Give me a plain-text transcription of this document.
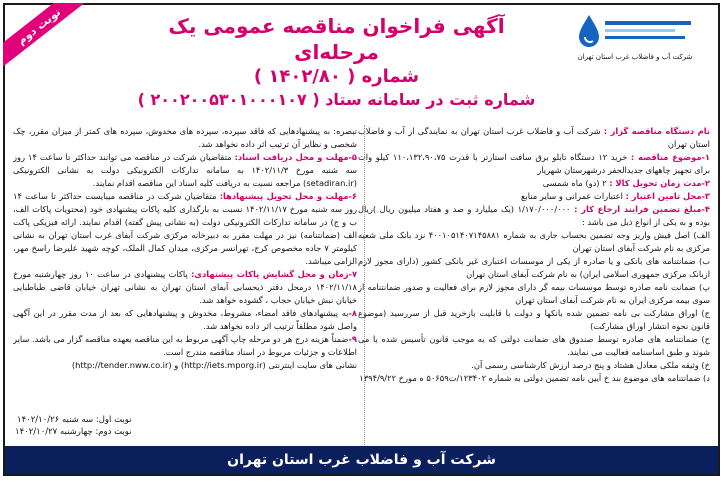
نوبت دوم
شرکت آب و فاضلاب غرب استان تهران
آگهی فراخوان مناقصه عمومی یک مرحله‌ای
شماره ( ۱۴۰۲/۸۰ )
شماره ثبت در سامانه ستاد ( ۲۰۰۲۰۰۵۳۰۱۰۰۰۱۰۷ )

نام دستگاه مناقصه گزار : شرکت آب و فاضلاب غرب استان تهران به نمایندگی از آب و فاضلاب استان تهران

۱-موضوع مناقصه : خرید ۱۲ دستگاه تابلو برق سافت استارتر با قدرت ۱۱۰،۱۳۲،۹۰،۷۵ کیلو وات برای تجهیز چاههای جدیدالحفر درشهرستان شهریار

۲-مدت زمان تحویل کالا : ۲ (دو) ماه شمسی

۳-محل تامین اعتبار : اعتبارات عمرانی و سایر منابع

۴-مبلغ تضمین فرایند ارجاع کار : ۱/۱۷۰/۰۰۰/۰۰۰ (یک میلیارد و صد و هفتاد میلیون ریال )ریال بوده و به یکی از انواع ذیل می باشد :

الف) اصل فیش واریز وجه تضمین بحساب جاری به شماره ۴۰۰۱۰۵۱۴۰۷۱۴۵۸۸۱ نزد بانک ملی شعبه مرکزی به نام شرکت آبفای استان تهران

ب) ضمانتنامه های بانکی و یا صادره از یکی از موسسات اعتباری غیر بانکی کشور (دارای مجوز لازم ازبانک مرکزی جمهوری اسلامی ایران) به نام شرکت آبفای استان تهران

پ) ضمانت نامه صادره توسط موسسات بیمه گر دارای مجوز لازم برای فعالیت و صدور ضمانتنامه از سوی بیمه مرکزی ایران به نام شرکت آبفای استان تهران

ج) اوراق مشارکت بی نامه تضمین شده بانکها و دولت با قابلیت بازخرید قبل از سررسید (موضوع قانون نحوه انتشار اوراق مشارکت)

ح) ضمانتنامه های صادره توسط صندوق های ضمانت دولتی که به موجب قانون تأسیس شده یا می شوند و طبق اساسنامه فعالیت می نمایند.

خ) وثیقه ملکی معادل هشتاد و پنج درصد ارزش کارشناسی رسمی آن.

د) ضمانتنامه های موضوع بند خ آیین نامه تضمین دولتی به شماره ۱۲۳۴۰۲/ت۵۰۶۵۹ ه مورخ ۱۳۹۴/۹/۲۲

تبصره: به پیشنهادهایی که فاقد سپرده، سپرده های مخدوش، سپرده های کمتر از میزان مقرر، چک شخصی و نظایر آن ترتیب اثر داده نخواهد شد.

۵-مهلت و محل دریافت اسناد: متقاضیان شرکت در مناقصه می توانند حداکثر تا ساعت ۱۴ روز سه شنبه مورخ ۱۴۰۲/۱۱/۳ به سامانه تدارکات الکترونیکی دولت به نشانی الکترونیکی (setadiran.ir) مراجعه نسبت به دریافت کلیه اسناد این مناقصه اقدام نمایند.

۶-مهلت و محل تحویل پیشنهادها: متقاضیان شرکت در مناقصه میبایست حداکثر تا ساعت ۱۴ روز سه شنبه مورخ ۱۴۰۲/۱۱/۱۷ نسبت به بارگذاری کلیه پاکات پیشنهادی خود (محتویات پاکات الف، ب و ج) در سامانه تدارکات الکترونیکی دولت (به نشانی پیش گفته) اقدام نمایند. ارائه فیزیکی پاکت الف (ضمانتنامه) نیز در مهلت مقرر به دبیرخانه مرکزی شرکت آبفای غرب استان تهران به نشانی کیلومتر ۷ جاده مخصوص کرج، تهرانسر مرکزی، میدان کمال الملک، کوچه شهید علیرضا راسخ مهر، الزامی میباشد.

۷-زمان و محل گشایش پاکات پیشنهادی: پاکات پیشنهادی در ساعت ۱۰ روز چهارشنبه مورخ ۱۴۰۲/۱۱/۱۸ درمحل دفتر ذیحسابی آبفای استان تهران به نشانی تهران خیابان قاضی طباطبایی خیابان نبش خیابان حجاب ، گشوده خواهد شد.

۸-به پیشنهادهای فاقد امضاء، مشروط، مخدوش و پیشنهادهایی که بعد از مدت مقرر در این آگهی واصل شود مطلقاً ترتیب اثر داده نخواهد شد.

۹-ضمناً هزینه درج هر دو مرحله چاپ آگهی مربوط به این مناقصه بعهده مناقصه گزار می باشد. سایر اطلاعات و جزئیات مربوط در اسناد مناقصه مندرج است.

نشانی های سایت اینترنتی (http://iets.mporg.ir) و (http://tender.nww.co.ir)

نوبت اول: سه شنبه ۱۴۰۲/۱۰/۲۶
نوبت دوم: چهارشنبه ۱۴۰۲/۱۰/۲۷
شرکت آب و فاضلاب غرب استان تهران
